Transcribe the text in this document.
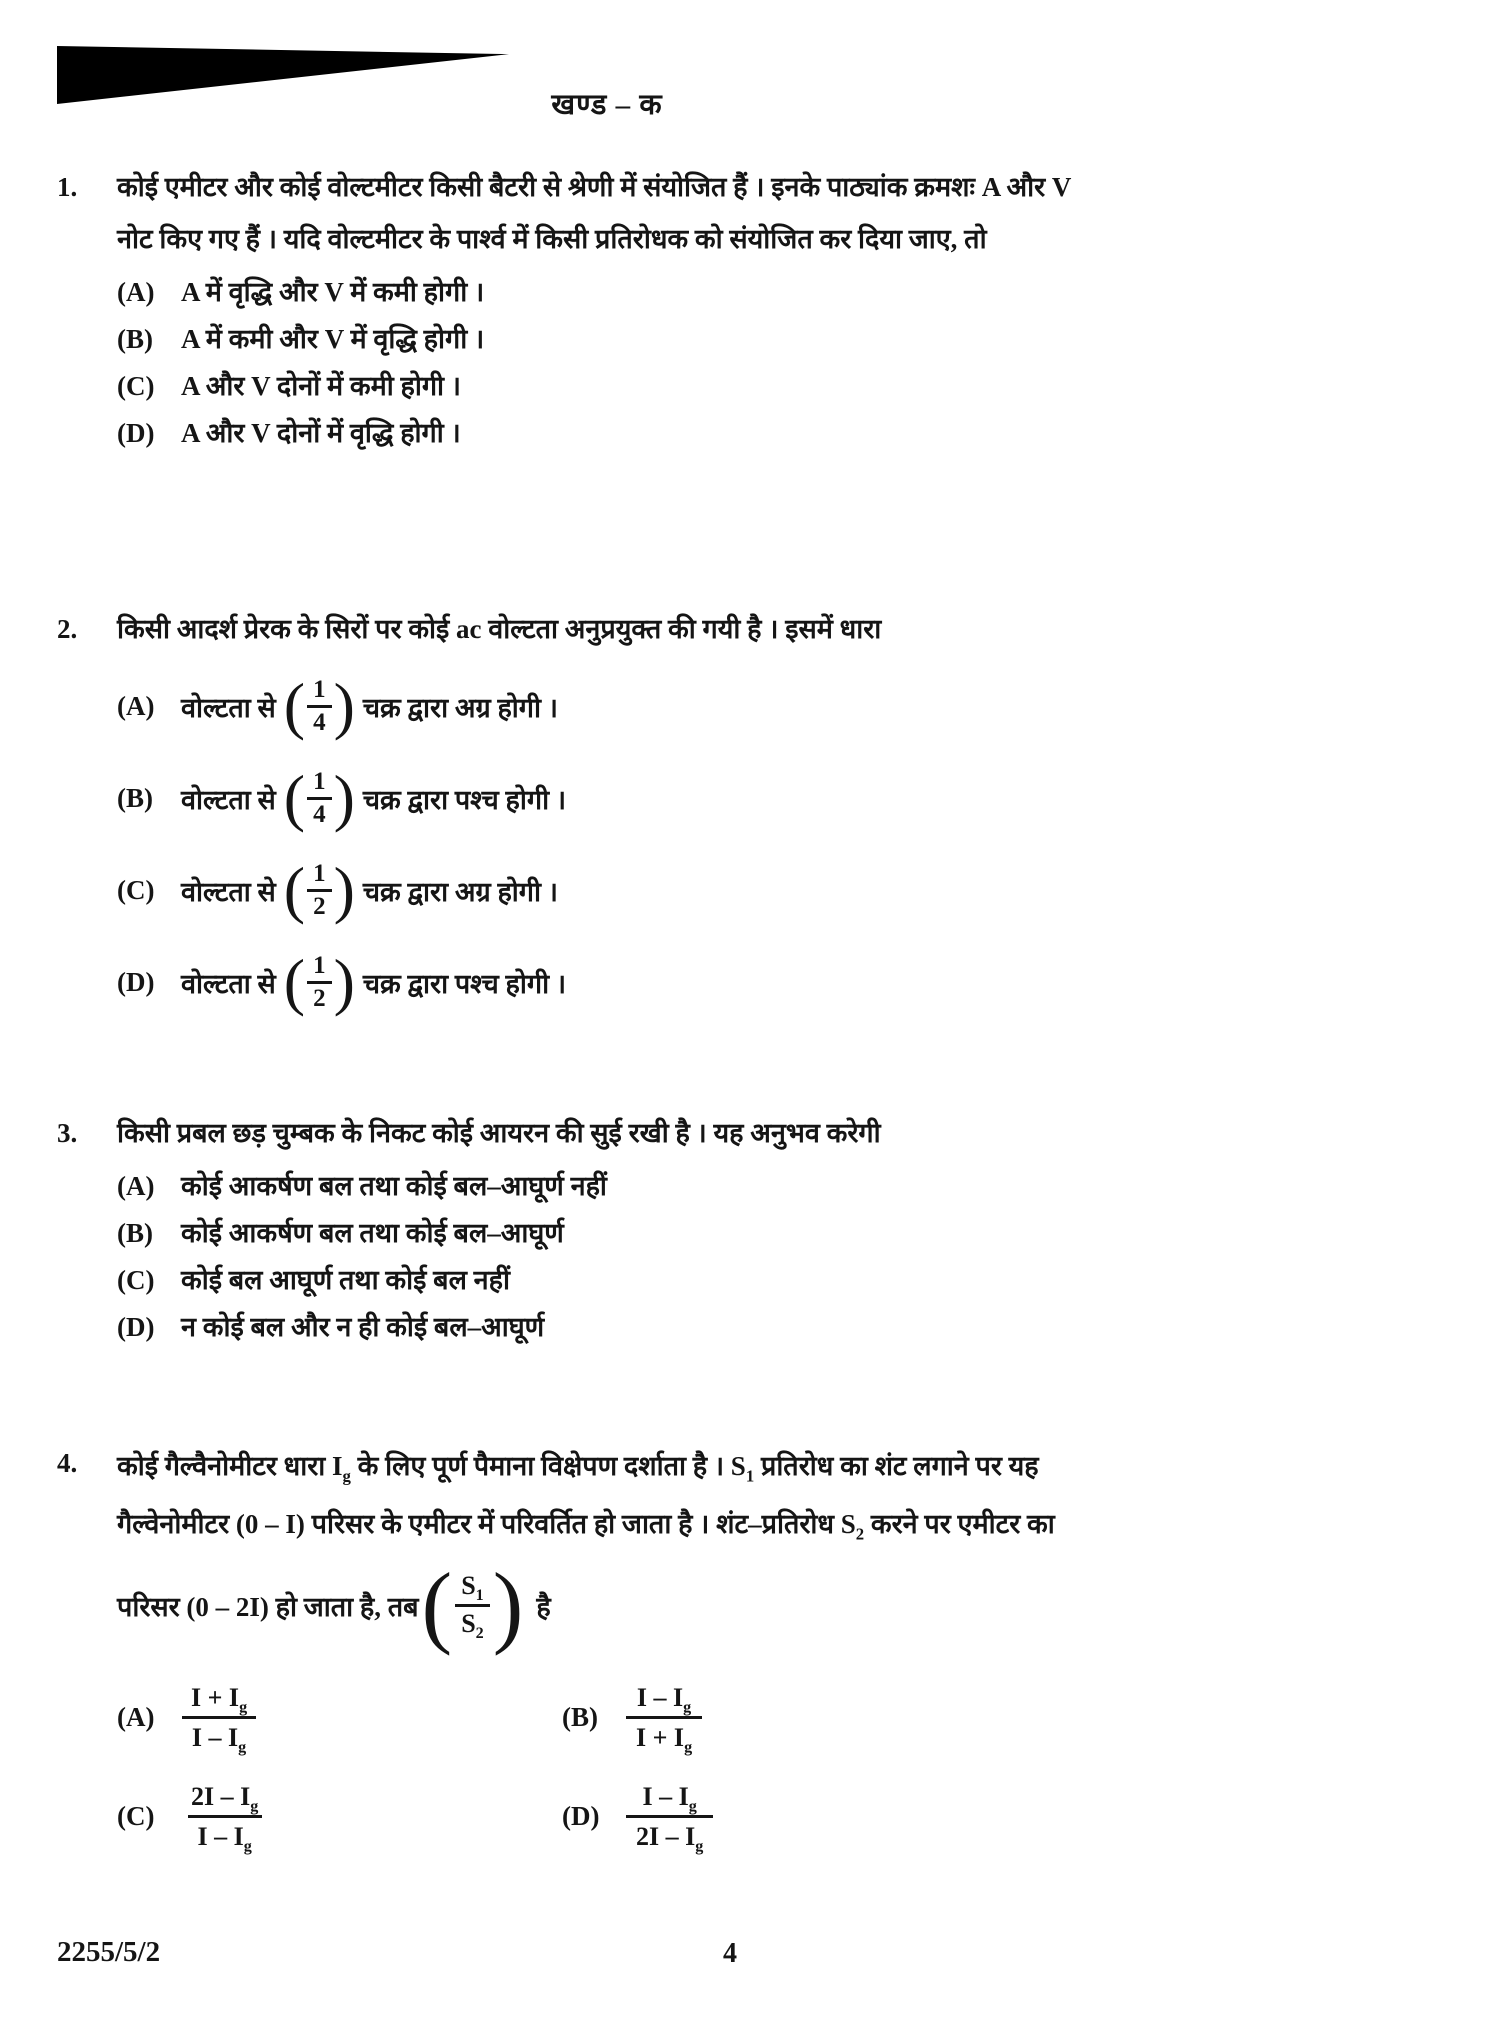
खण्ड – क
1.	कोई एमीटर और कोई वोल्टमीटर किसी बैटरी से श्रेणी में संयोजित हैं । इनके पाठ्यांक क्रमशः A और V
नोट किए गए हैं । यदि वोल्टमीटर के पार्श्व में किसी प्रतिरोधक को संयोजित कर दिया जाए, तो
(A) A में वृद्धि और V में कमी होगी ।
(B)	A में कमी और V में वृद्धि होगी ।
(C) A और V दोनों में कमी होगी ।
(D) A और V दोनों में वृद्धि होगी ।
2.	किसी आदर्श प्रेरक के सिरों पर कोई ac वोल्टता अनुप्रयुक्त की गयी है । इसमें धारा
(A) वोल्टता से ( $\frac{1}{4}$ ) चक्र द्वारा अग्र होगी ।
(B)	वोल्टता से ( $\frac{1}{4}$ ) चक्र द्वारा पश्च होगी ।
(C) वोल्टता से ( $\frac{1}{2}$ ) चक्र द्वारा अग्र होगी ।
(D) वोल्टता से ( $\frac{1}{2}$ ) चक्र द्वारा पश्च होगी ।
3.	किसी प्रबल छड़ चुम्बक के निकट कोई आयरन की सुई रखी है । यह अनुभव करेगी
(A) कोई आकर्षण बल तथा कोई बल–आघूर्ण नहीं
(B)	कोई आकर्षण बल तथा कोई बल–आघूर्ण
(C) कोई बल आघूर्ण तथा कोई बल नहीं
(D) न कोई बल और न ही कोई बल–आघूर्ण
4.	कोई गैल्वैनोमीटर धारा $I_g$ के लिए पूर्ण पैमाना विक्षेपण दर्शाता है । $S_1$ प्रतिरोध का शंट लगाने पर यह
गैल्वेनोमीटर (0 – I) परिसर के एमीटर में परिवर्तित हो जाता है । शंट–प्रतिरोध $S_2$ करने पर एमीटर का
परिसर (0 – 2I) हो जाता है, तब ( $\frac{S_1}{S_2}$ ) है
(A)	$\frac{I + I_g}{I - I_g}$	(B)	$\frac{I - I_g}{I + I_g}$
(C)	$\frac{2I - I_g}{I - I_g}$	(D)	$\frac{I - I_g}{2I - I_g}$
2255/5/2	4
